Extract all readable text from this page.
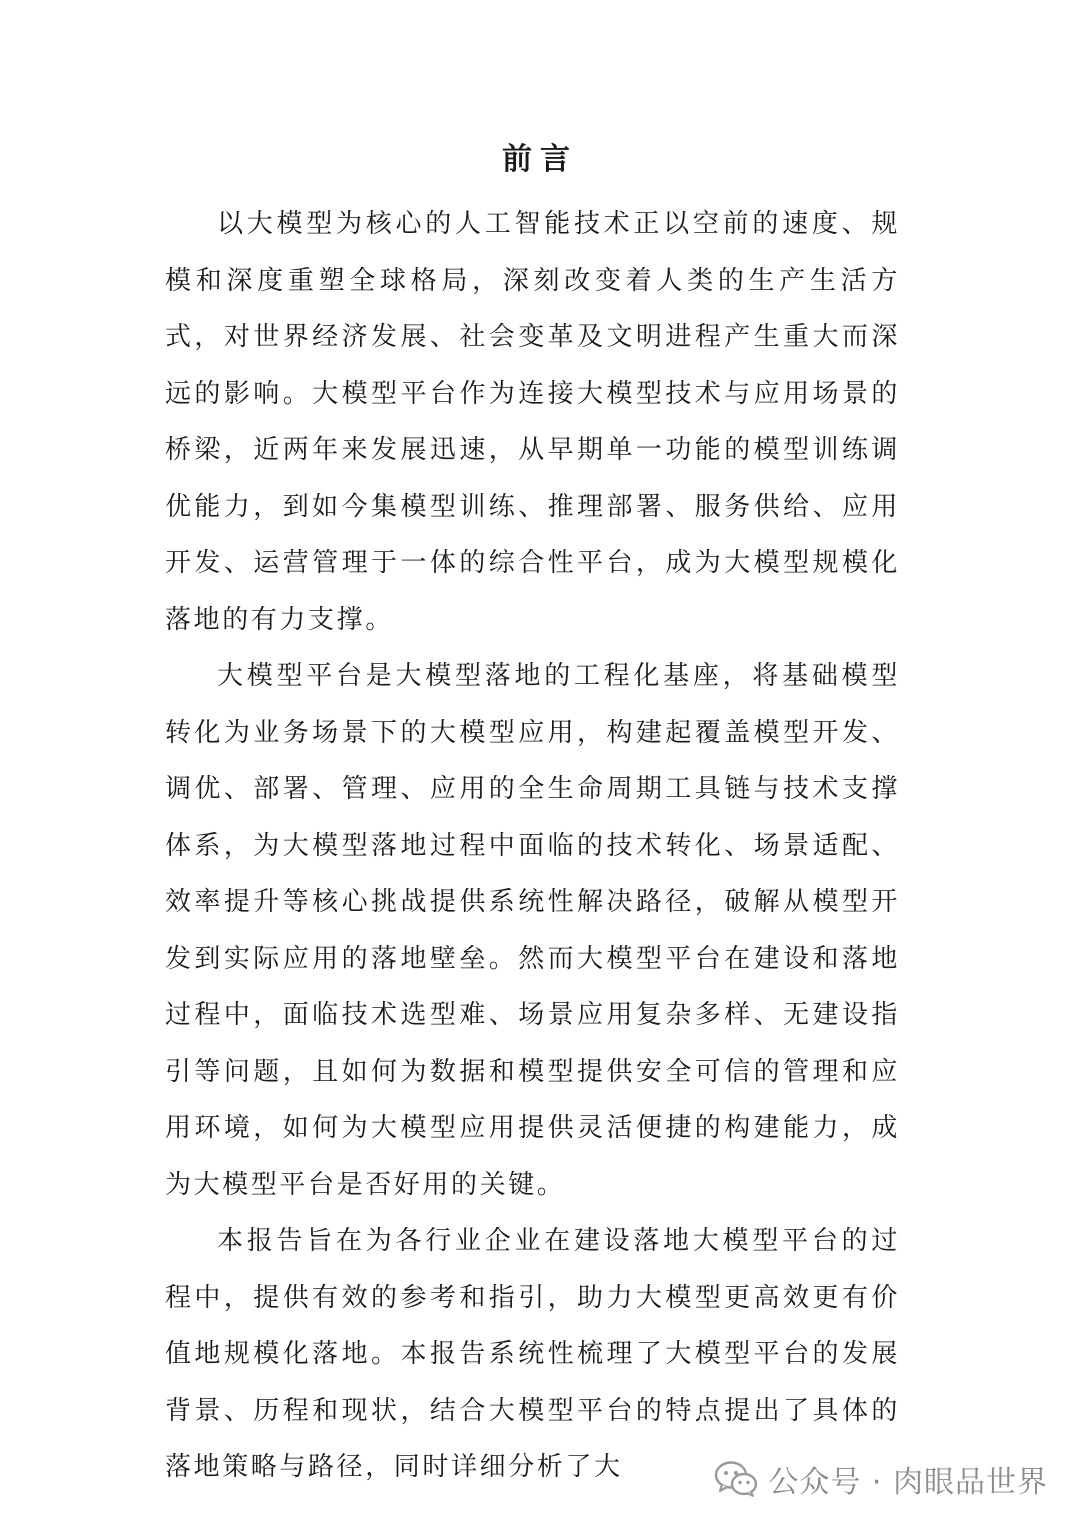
前言

以大模型为核心的人工智能技术正以空前的速度、规模和深度重塑全球格局，深刻改变着人类的生产生活方式，对世界经济发展、社会变革及文明进程产生重大而深远的影响。大模型平台作为连接大模型技术与应用场景的桥梁，近两年来发展迅速，从早期单一功能的模型训练调优能力，到如今集模型训练、推理部署、服务供给、应用开发、运营管理于一体的综合性平台，成为大模型规模化落地的有力支撑。

大模型平台是大模型落地的工程化基座，将基础模型转化为业务场景下的大模型应用，构建起覆盖模型开发、调优、部署、管理、应用的全生命周期工具链与技术支撑体系，为大模型落地过程中面临的技术转化、场景适配、效率提升等核心挑战提供系统性解决路径，破解从模型开发到实际应用的落地壁垒。然而大模型平台在建设和落地过程中，面临技术选型难、场景应用复杂多样、无建设指引等问题，且如何为数据和模型提供安全可信的管理和应用环境，如何为大模型应用提供灵活便捷的构建能力，成为大模型平台是否好用的关键。

本报告旨在为各行业企业在建设落地大模型平台的过程中，提供有效的参考和指引，助力大模型更高效更有价值地规模化落地。本报告系统性梳理了大模型平台的发展背景、历程和现状，结合大模型平台的特点提出了具体的落地策略与路径，同时详细分析了大	公众号 · 肉眼品世界
